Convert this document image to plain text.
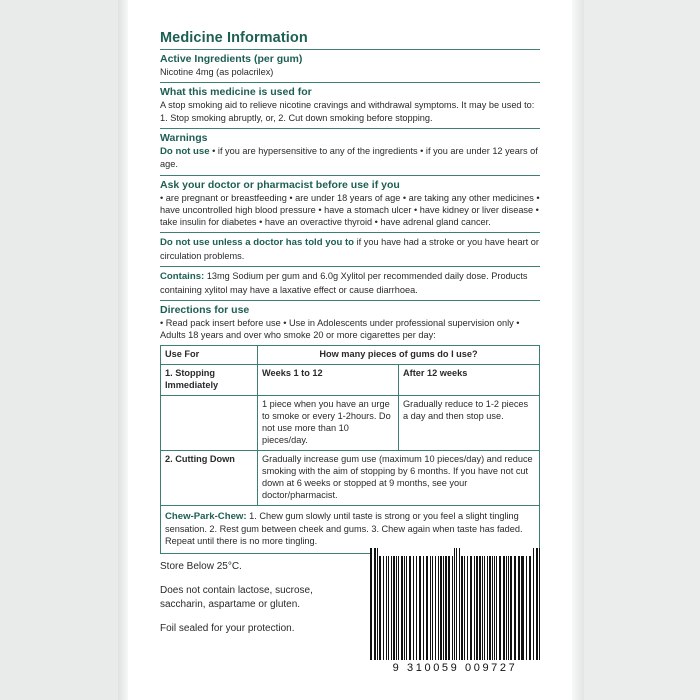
Medicine Information
Active Ingredients (per gum)
Nicotine 4mg (as polacrilex)
What this medicine is used for
A stop smoking aid to relieve nicotine cravings and withdrawal symptoms. It may be used to: 1. Stop smoking abruptly, or, 2. Cut down smoking before stopping.
Warnings
Do not use • if you are hypersensitive to any of the ingredients • if you are under 12 years of age.
Ask your doctor or pharmacist before use if you
• are pregnant or breastfeeding • are under 18 years of age • are taking any other medicines • have uncontrolled high blood pressure • have a stomach ulcer • have kidney or liver disease • take insulin for diabetes • have an overactive thyroid • have adrenal gland cancer.
Do not use unless a doctor has told you to if you have had a stroke or you have heart or circulation problems.
Contains: 13mg Sodium per gum and 6.0g Xylitol per recommended daily dose. Products containing xylitol may have a laxative effect or cause diarrhoea.
Directions for use
• Read pack insert before use • Use in Adolescents under professional supervision only • Adults 18 years and over who smoke 20 or more cigarettes per day:
Use For	How many pieces of gums do I use?	
1. Stopping Immediately	Weeks 1 to 12	After 12 weeks
	1 piece when you have an urge to smoke or every 1-2hours. Do not use more than 10 pieces/day.	Gradually reduce to 1-2 pieces a day and then stop use.
2. Cutting Down	Gradually increase gum use (maximum 10 pieces/day) and reduce smoking with the aim of stopping by 6 months. If you have not cut down at 6 weeks or stopped at 9 months, see your doctor/pharmacist.	
Chew-Park-Chew: 1. Chew gum slowly until taste is strong or you feel a slight tingling sensation. 2. Rest gum between cheek and gums. 3. Chew again when taste has faded. Repeat until there is no more tingling.

Store Below 25°C.

Does not contain lactose, sucrose, saccharin, aspartame or gluten.

Foil sealed for your protection.

9 310059 009727
